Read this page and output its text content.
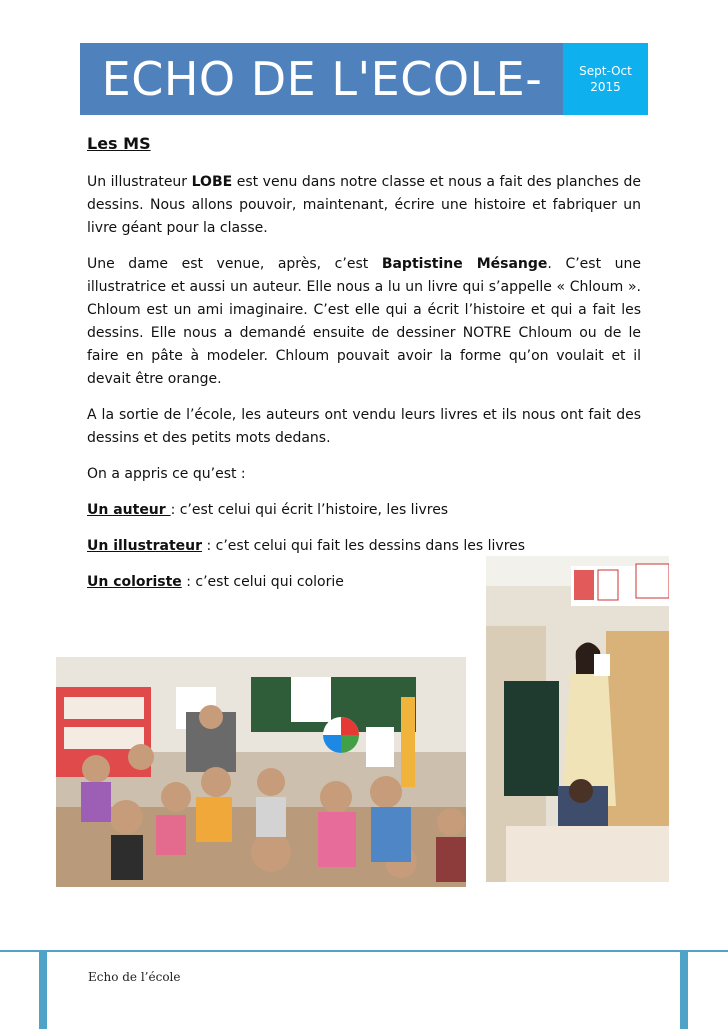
ECHO DE L'ECOLE-	Sept-Oct
2015
Les MS

Un illustrateur LOBE est venu dans notre classe et nous a fait des planches de dessins. Nous allons pouvoir, maintenant, écrire une histoire et fabriquer un livre géant pour la classe.

Une dame est venue, après, c’est Baptistine Mésange. C’est une illustratrice et aussi un auteur. Elle nous a lu un livre qui s’appelle « Chloum ». Chloum est un ami imaginaire. C’est elle qui a écrit l’histoire et qui a fait les dessins. Elle nous a demandé ensuite de dessiner NOTRE Chloum ou de le faire en pâte à modeler. Chloum pouvait avoir la forme qu’on voulait et il devait être orange.

A la sortie de l’école, les auteurs ont vendu leurs livres et ils nous ont fait des dessins et des petits mots dedans.

On a appris ce qu’est :

Un auteur : c’est celui qui écrit l’histoire, les livres
Un illustrateur : c’est celui qui fait les dessins dans les livres
Un coloriste : c’est celui qui colorie
Echo de l’école
